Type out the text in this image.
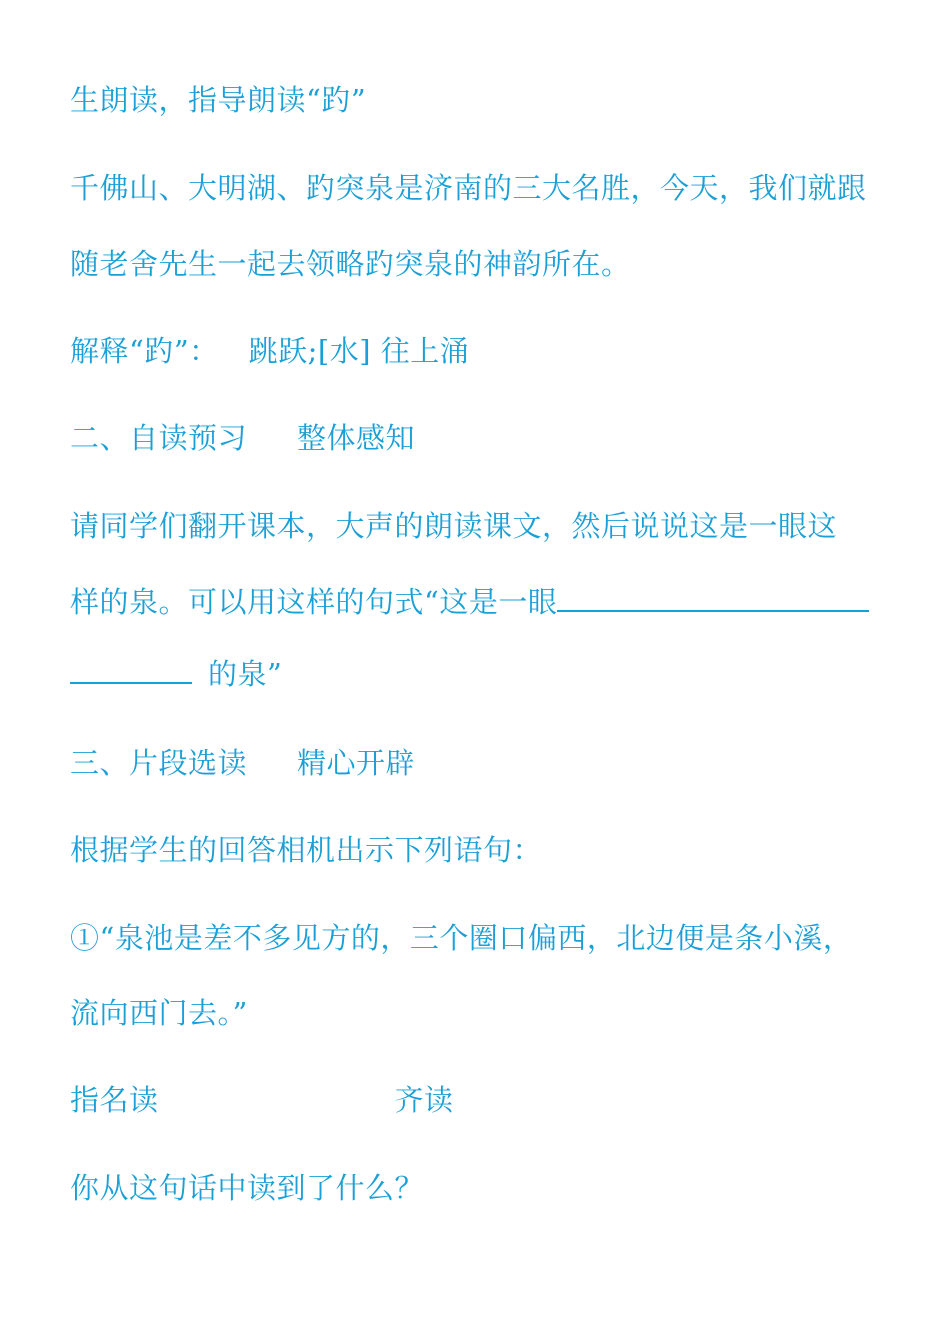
生朗读，指导朗读“趵”
千佛山、大明湖、趵突泉是济南的三大名胜，今天，我们就跟
随老舍先生一起去领略趵突泉的神韵所在。
解释“趵”： 跳跃;[水] 往上涌
二、自读预习 整体感知
请同学们翻开课本，大声的朗读课文，然后说说这是一眼这
样的泉。可以用这样的句式“这是一眼
的泉”
三、片段选读 精心开辟
根据学生的回答相机出示下列语句：
①“泉池是差不多见方的，三个圈口偏西，北边便是条小溪，
流向西门去。”
指名读	齐读
你从这句话中读到了什么？
